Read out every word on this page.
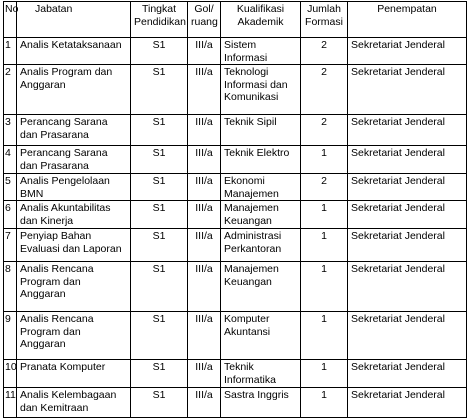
No	Jabatan	Tingkat Pendidikan	Gol/ ruang	Kualifikasi Akademik	Jumlah Formasi	Penempatan
1	Analis Ketataksanaan	S1	III/a	Sistem Informasi	2	Sekretariat Jenderal
2	Analis Program dan Anggaran	S1	III/a	Teknologi Informasi dan Komunikasi	2	Sekretariat Jenderal
3	Perancang Sarana dan Prasarana	S1	III/a	Teknik Sipil	2	Sekretariat Jenderal
4	Perancang Sarana dan Prasarana	S1	III/a	Teknik Elektro	1	Sekretariat Jenderal
5	Analis Pengelolaan BMN	S1	III/a	Ekonomi Manajemen	2	Sekretariat Jenderal
6	Analis Akuntabilitas dan Kinerja	S1	III/a	Manajemen Keuangan	1	Sekretariat Jenderal
7	Penyiap Bahan Evaluasi dan Laporan	S1	III/a	Administrasi Perkantoran	1	Sekretariat Jenderal
8	Analis Rencana Program dan Anggaran	S1	III/a	Manajemen Keuangan	1	Sekretariat Jenderal
9	Analis Rencana Program dan Anggaran	S1	III/a	Komputer Akuntansi	1	Sekretariat Jenderal
10	Pranata Komputer	S1	III/a	Teknik Informatika	1	Sekretariat Jenderal
11	Analis Kelembagaan dan Kemitraan	S1	III/a	Sastra Inggris	1	Sekretariat Jenderal
